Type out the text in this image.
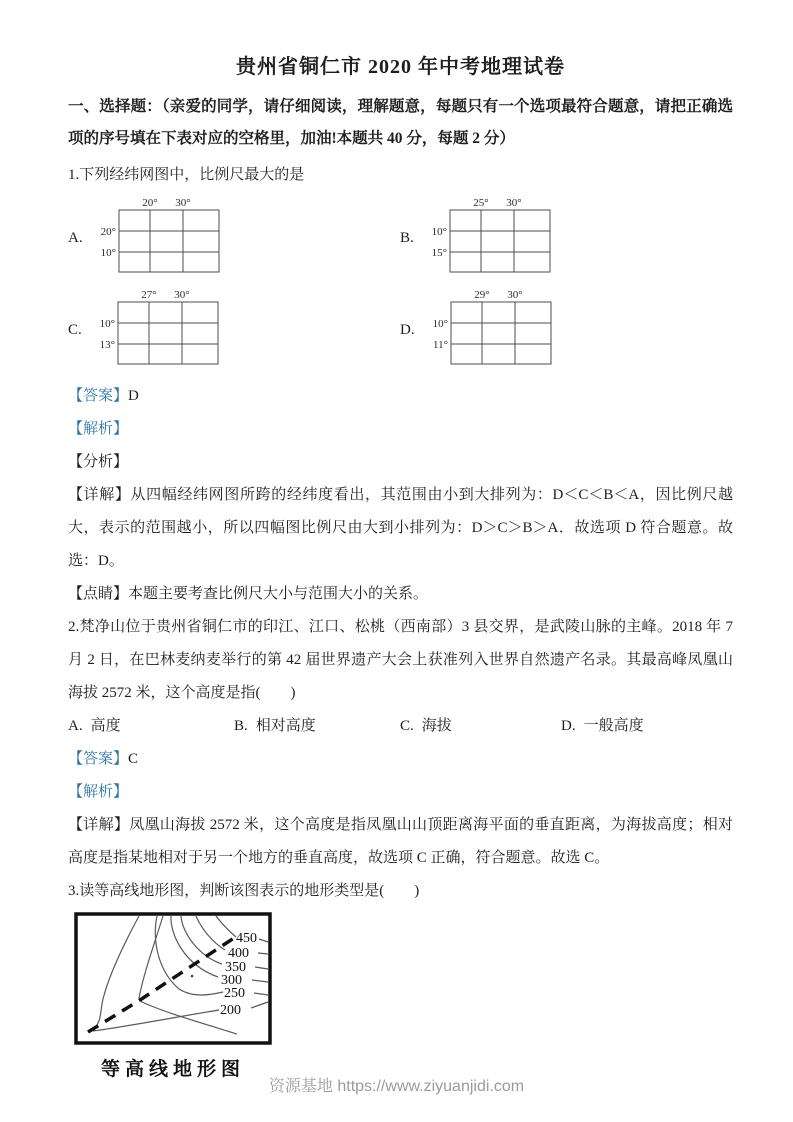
贵州省铜仁市 2020 年中考地理试卷

一、选择题：（亲爱的同学，请仔细阅读，理解题意，每题只有一个选项最符合题意，请把正确选项的序号填在下表对应的空格里，加油!本题共 40 分，每题 2 分）

1.下列经纬网图中，比例尺最大的是

A.
20° 30°
20°
10°
B.
25° 30°
10°
15°
C.
27° 30°
10°
13°
D.
29° 30°
10°
11°

【答案】D

【解析】

【分析】

【详解】从四幅经纬网图所跨的经纬度看出，其范围由小到大排列为：D＜C＜B＜A，因比例尺越大，表示的范围越小，所以四幅图比例尺由大到小排列为：D＞C＞B＞A．故选项 D 符合题意。故选：D。

【点睛】本题主要考查比例尺大小与范围大小的关系。

2.梵净山位于贵州省铜仁市的印江、江口、松桃（西南部）3 县交界，是武陵山脉的主峰。2018 年 7 月 2 日，在巴林麦纳麦举行的第 42 届世界遗产大会上获准列入世界自然遗产名录。其最高峰凤凰山海拔 2572 米，这个高度是指(　　)

A. 高度	B. 相对高度	C. 海拔	D. 一般高度

【答案】C

【解析】

【详解】凤凰山海拔 2572 米，这个高度是指凤凰山山顶距离海平面的垂直距离，为海拔高度；相对高度是指某地相对于另一个地方的垂直高度，故选项 C 正确，符合题意。故选 C。

3.读等高线地形图，判断该图表示的地形类型是(　　)

450
400
350
300
250
200
等高线地形图
资源基地 https://www.ziyuanjidi.com
